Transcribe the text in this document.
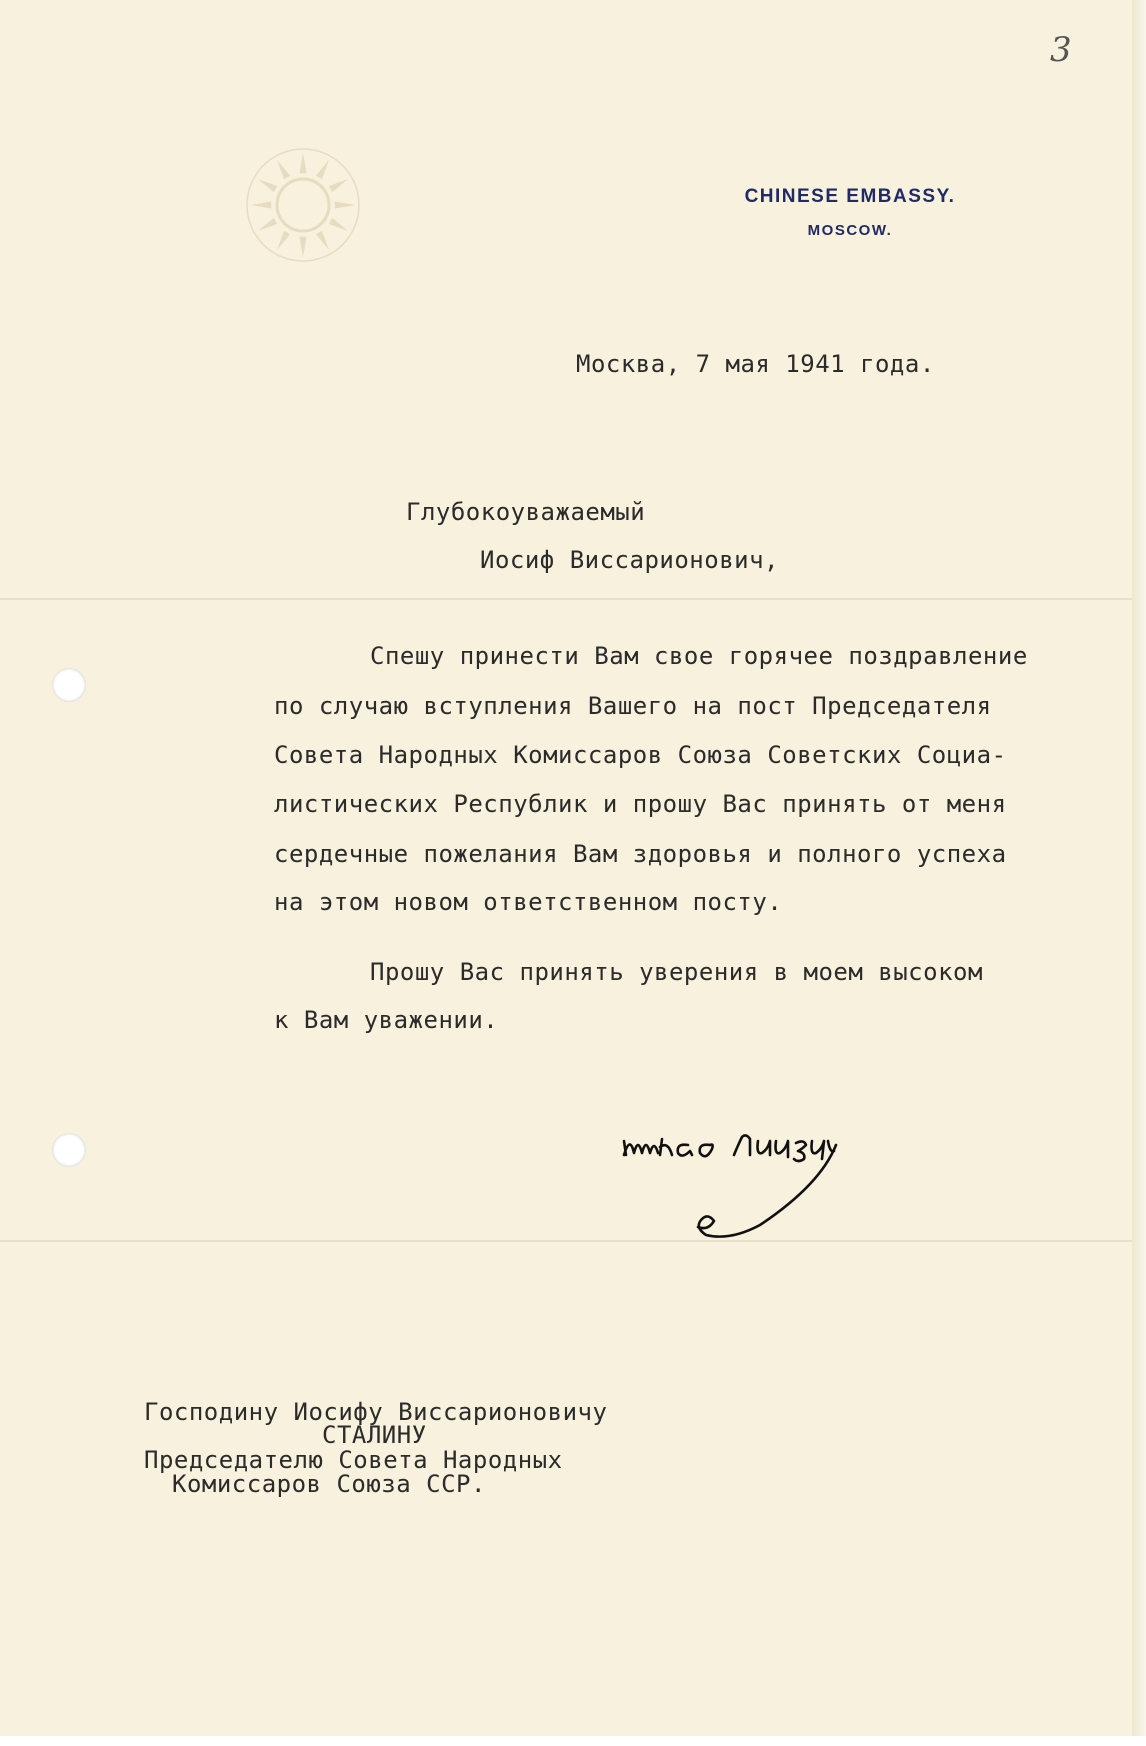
3
CHINESE EMBASSY.
MOSCOW.
Москва, 7 мая 1941 года.
Глубокоуважаемый
Иосиф Виссарионович,
Спешу принести Вам свое горячее поздравление
по случаю вступления Вашего на пост Председателя
Совета Народных Комиссаров Союза Советских Социа-
листических Республик и прошу Вас принять от меня
сердечные пожелания Вам здоровья и полного успеха
на этом новом ответственном посту.
Прошу Вас принять уверения в моем высоком
к Вам уважении.
Господину Иосифу Виссарионовичу
СТАЛИНУ
Председателю Совета Народных
Комиссаров Союза ССР.
